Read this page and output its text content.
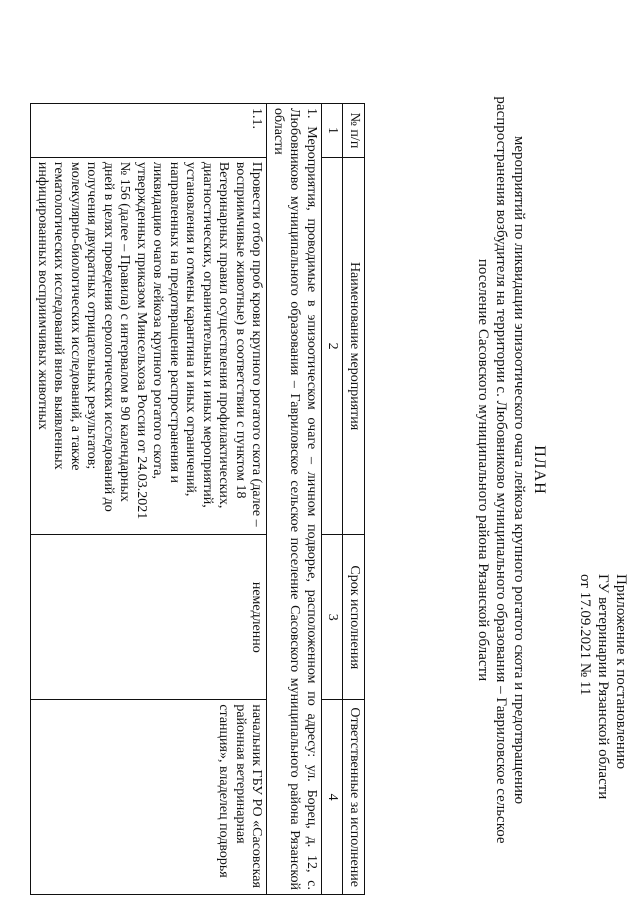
Приложение к постановлению
ГУ ветеринарии Рязанской области
от 17.09.2021 № 11
ПЛАН
мероприятий по ликвидации эпизоотического очага лейкоза крупного рогатого скота и предотвращению распространения возбудителя на территории с. Любовниково муниципального образования – Гавриловское сельское поселение Сасовского муниципального района Рязанской области
№ п/п	Наименование мероприятия	Срок исполнения	Ответственные за исполнение
1	2	3	4
1. Мероприятия, проводимые в эпизоотическом очаге – личном подворье, расположенном по адресу: ул. Борец, д. 12, с. Любовниково муниципального образования – Гавриловское сельское поселение Сасовского муниципального района Рязанской области			
1.1.	Провести отбор проб крови крупного рогатого скота (далее – восприимчивые животные) в соответствии с пунктом 18 Ветеринарных правил осуществления профилактических, диагностических, ограничительных и иных мероприятий, установления и отмены карантина и иных ограничений, направленных на предотвращение распространения и ликвидацию очагов лейкоза крупного рогатого скота, утвержденных приказом Минсельхоза России от 24.03.2021 № 156 (далее – Правила) с интервалом в 90 календарных дней в целях проведения серологических исследований до получения двукратных отрицательных результатов; молекулярно-биологических исследований, а также гематологических исследований вновь выявленных инфицированных восприимчивых животных	немедленно	начальник ГБУ РО «Сасовская районная ветеринарная станция», владелец подворья
